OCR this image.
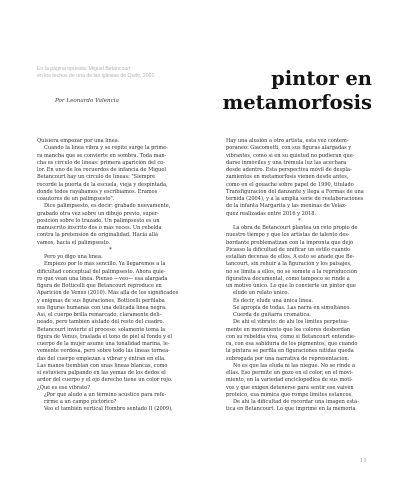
En la página opuesta: Miguel Betancourt
en los techos de una de las iglesias de Quito, 2001	pintor en
metamorfosis
Por Leonardo Valencia
Quisiera empezar por una línea.
Cuando la línea vibra y se repite surge la prime-
ra mancha que se convierte en sombra. Toda man-
cha es círculo de líneas: primera aparición del co-
lor. En uno de los recuerdos de infancia de Miguel
Betancourt hay un círculo de líneas: "Siempre
recordé la puerta de la escuela, vieja y despintada,
donde todos rayábamos y escribíamos. Eramos
coautores de un palimpsesto".
Dice palimpsesto, es decir: grabado nuevamente,
grabado otra vez sobre un dibujo previo, super-
posición sobre lo trazado. Un palimpsesto es un
manuscrito inscrito dos o más veces. Un rebelda
contra la pretensión de originalidad. Hacia allá
vamos, hacia el palimpsesto.
*
Pero yo digo una línea.
Empiezo por lo más sencillo. Ya llegaremos a la
dificultad conceptual del palimpsesto. Ahora quie-
ro que vean una línea. Pienso —veo— esa alargada
figura de Botticelli que Betancourt reproduce en
Aparición de Venus (2010). Más allá de los significados
y enigmas de sus figuraciones, Botticelli perfilaba
sus figuras humanas con una delicada línea negra.
Así, el cuerpo brilla remarcado, claramente deli-
neado, pero también aislado del resto del cuadro.
Betancourt invierte el proceso: solamente toma la
figura de Venus, traslada el tono de piel al fondo y el
cuerpo de la mujer asume una tonalidad marina, le-
vemente verdosa, pero sobre todo las líneas tornea-
das del cuerpo empiezan a vibrar y entran en ella.
Las manos tiemblan con unas líneas blancas, como
si estuviera palpando en las yemas de los dedos el
ardor del cuerpo y el ojo derecho tiene un color rojo.
¿Qué es ese vibrato?
¿Por qué aludo a un término acústico para refe-
rirme a un campo pictórico?
Veo el también vertical Hombre sentado II (2009),
Hay una alusión a otro artista, esta vez contem-
poráneo: Giacometti, con sus figuras alargadas y
vibrantes, como si en su quietud no pudieran que-
darse inmóviles y una trémula luz las acechara
desde adentro. Esta perspectiva móvil de despla-
zamientos en metamorfosis vienen desde antes,
como en el gouache sobre papel de 1990, titulado
Transfiguración del danzante y llega a Formas de una
ternida (2004), y a la amplia serie de reelaboraciones
de la infanta Margarita y las meninas de Veláz-
quez realizadas entre 2016 y 2018.
*
La obra de Betancourt plantea un reto propio de
nuestro tiempo y que los artistas de talento des-
bordante problematizan con la impronta que dejó
Picasso la dificultad de unificar un estilo cuando
estallan decenas de ellos. A esto se añade que Be-
tancourt, sin rehuir a la figuración y los paisajes,
no se limita a ellos, no se somete a la reproducción
figurativa documental, como tampoco se rinde a
un motivo único. Lo que lo convierte un pintor que
elude un relato único.
Es decir, elude una única línea.
Se apropia de todas. Las narra en simultáneo.
Cuerda de guitarra cromática.
De ahí el vibrato: de ahí los límites perpetua-
mente en movimiento que los colores desbordan
con su rebeldía viva, como si Betancourt entendie-
ra, con esa sabiduría de los pigmentos, que cuando
la pintura se perfila en figuraciones nítidas queda
subrogada por una narrativa de representación.
No es que las eluda ni las niegue. No se rinde a
ellas. Eso permite un gozo en el color, en el movi-
miento, en la variedad enciclopédica de sus moti-
vos y que exigen detenerse para sentir ese vaivén
proteico, esa mímica que rompe límites estancos.
De ahí la dificultad de recordar una imagen está-
tica en Betancourt. Lo que imprime en la memoria
11
